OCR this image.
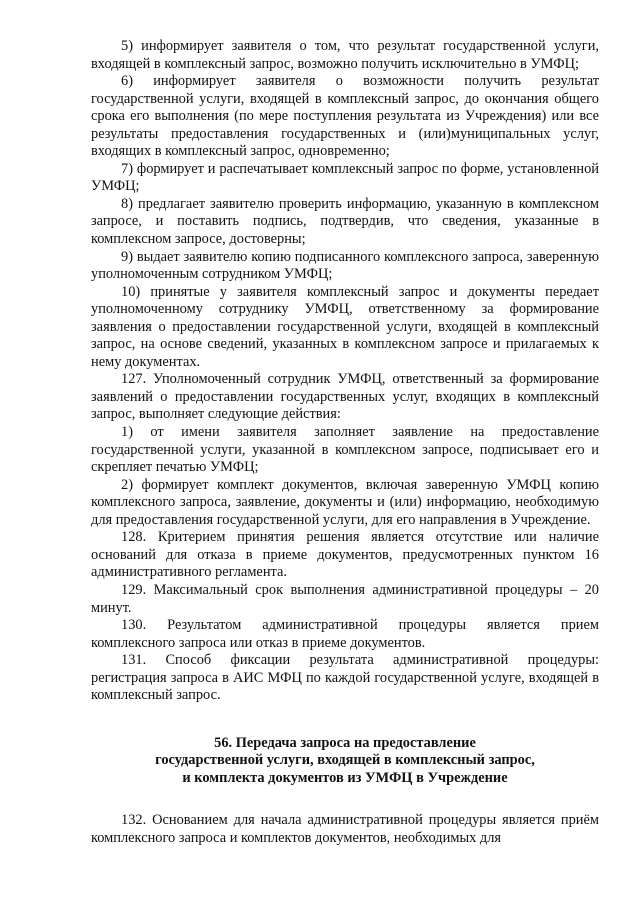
5) информирует заявителя о том, что результат государственной услуги, входящей в комплексный запрос, возможно получить исключительно в УМФЦ;

6) информирует заявителя о возможности получить результат государственной услуги, входящей в комплексный запрос, до окончания общего срока его выполнения (по мере поступления результата из Учреждения) или все результаты предоставления государственных и (или)муниципальных услуг, входящих в комплексный запрос, одновременно;

7) формирует и распечатывает комплексный запрос по форме, установленной УМФЦ;

8) предлагает заявителю проверить информацию, указанную в комплексном запросе, и поставить подпись, подтвердив, что сведения, указанные в комплексном запросе, достоверны;

9) выдает заявителю копию подписанного комплексного запроса, заверенную уполномоченным сотрудником УМФЦ;

10) принятые у заявителя комплексный запрос и документы передает уполномоченному сотруднику УМФЦ, ответственному за формирование заявления о предоставлении государственной услуги, входящей в комплексный запрос, на основе сведений, указанных в комплексном запросе и прилагаемых к нему документах.

127. Уполномоченный сотрудник УМФЦ, ответственный за формирование заявлений о предоставлении государственных услуг, входящих в комплексный запрос, выполняет следующие действия:

1) от имени заявителя заполняет заявление на предоставление государственной услуги, указанной в комплексном запросе, подписывает его и скрепляет печатью УМФЦ;

2) формирует комплект документов, включая заверенную УМФЦ копию комплексного запроса, заявление, документы и (или) информацию, необходимую для предоставления государственной услуги, для его направления в Учреждение.

128. Критерием принятия решения является отсутствие или наличие оснований для отказа в приеме документов, предусмотренных пунктом 16 административного регламента.

129. Максимальный срок выполнения административной процедуры – 20 минут.

130. Результатом административной процедуры является прием комплексного запроса или отказ в приеме документов.

131. Способ фиксации результата административной процедуры: регистрация запроса в АИС МФЦ по каждой государственной услуге, входящей в комплексный запрос.

56. Передача запроса на предоставление
государственной услуги, входящей в комплексный запрос,
и комплекта документов из УМФЦ в Учреждение

132. Основанием для начала административной процедуры является приём комплексного запроса и комплектов документов, необходимых для
